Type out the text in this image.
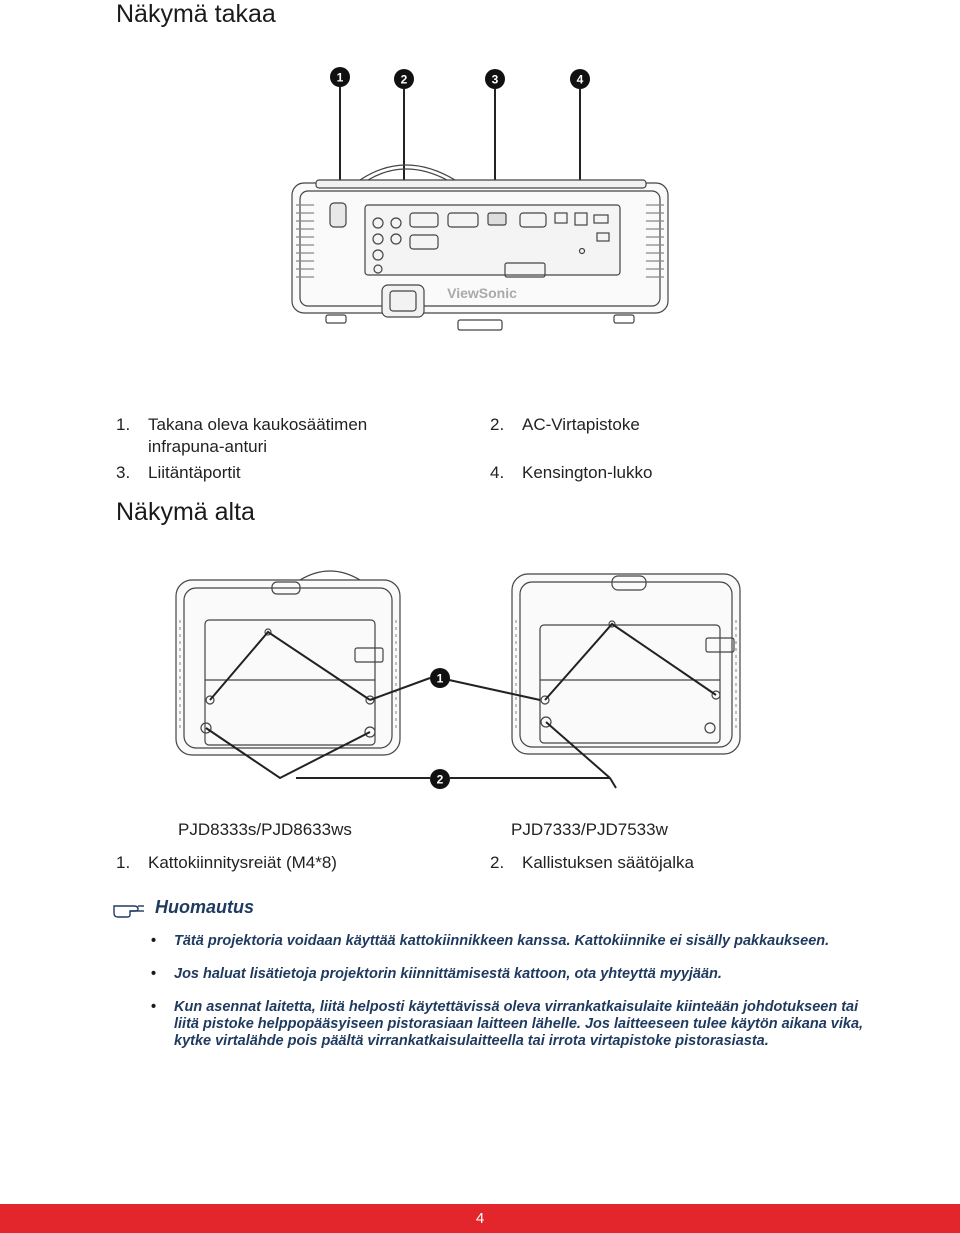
Näkymä takaa
1	2	3	4
ViewSonic
1. Takana oleva kaukosäätimen
infrapuna-anturi
2. AC-Virtapistoke
3. Liitäntäportit	4. Kensington-lukko
Näkymä alta
1
2
PJD8333s/PJD8633ws	PJD7333/PJD7533w
1. Kattokiinnitysreiät (M4*8)	2. Kallistuksen säätöjalka
Huomautus
• Tätä projektoria voidaan käyttää kattokiinnikkeen kanssa. Kattokiinnike ei sisälly pakkaukseen.
• Jos haluat lisätietoja projektorin kiinnittämisestä kattoon, ota yhteyttä myyjään.
• Kun asennat laitetta, liitä helposti käytettävissä oleva virrankatkaisulaite kiinteään johdotukseen tai liitä pistoke helppopääsyiseen pistorasiaan laitteen lähelle. Jos laitteeseen tulee käytön aikana vika, kytke virtalähde pois päältä virrankatkaisulaitteella tai irrota virtapistoke pistorasiasta.
4
